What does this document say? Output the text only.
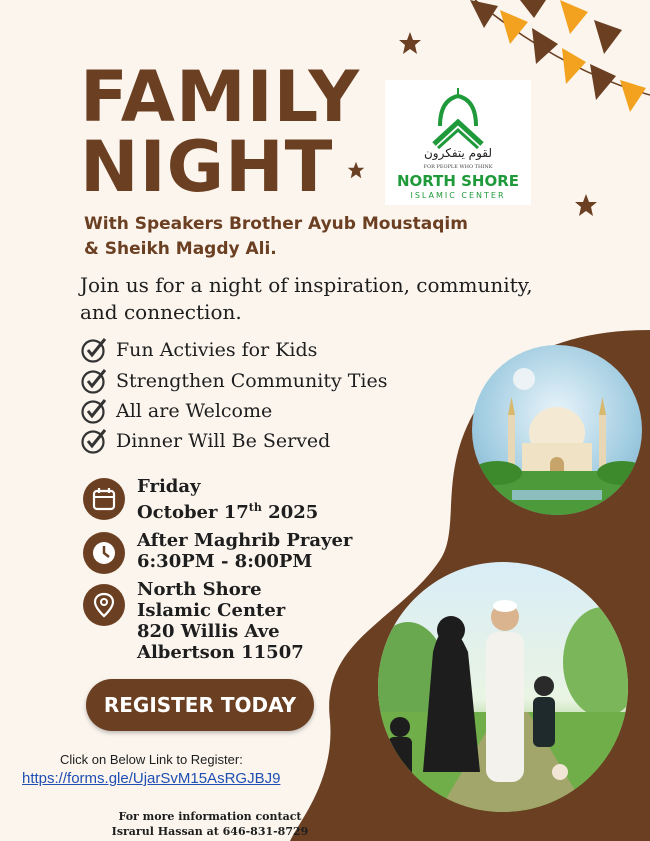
FAMILY
NIGHT	لقوم يتفكرون
FOR PEOPLE WHO THINK
NORTH SHORE
ISLAMIC CENTER
With Speakers Brother Ayub Moustaqim
& Sheikh Magdy Ali.
Join us for a night of inspiration, community, and connection.
Fun Activies for Kids
Strengthen Community Ties
All are Welcome
Dinner Will Be Served
Friday
October 17th 2025
After Maghrib Prayer
6:30PM - 8:00PM
North Shore
Islamic Center
820 Willis Ave
Albertson 11507
REGISTER TODAY
Click on Below Link to Register:
https://forms.gle/UjarSvM15AsRGJBJ9
For more information contact
Israrul Hassan at 646-831-8729
